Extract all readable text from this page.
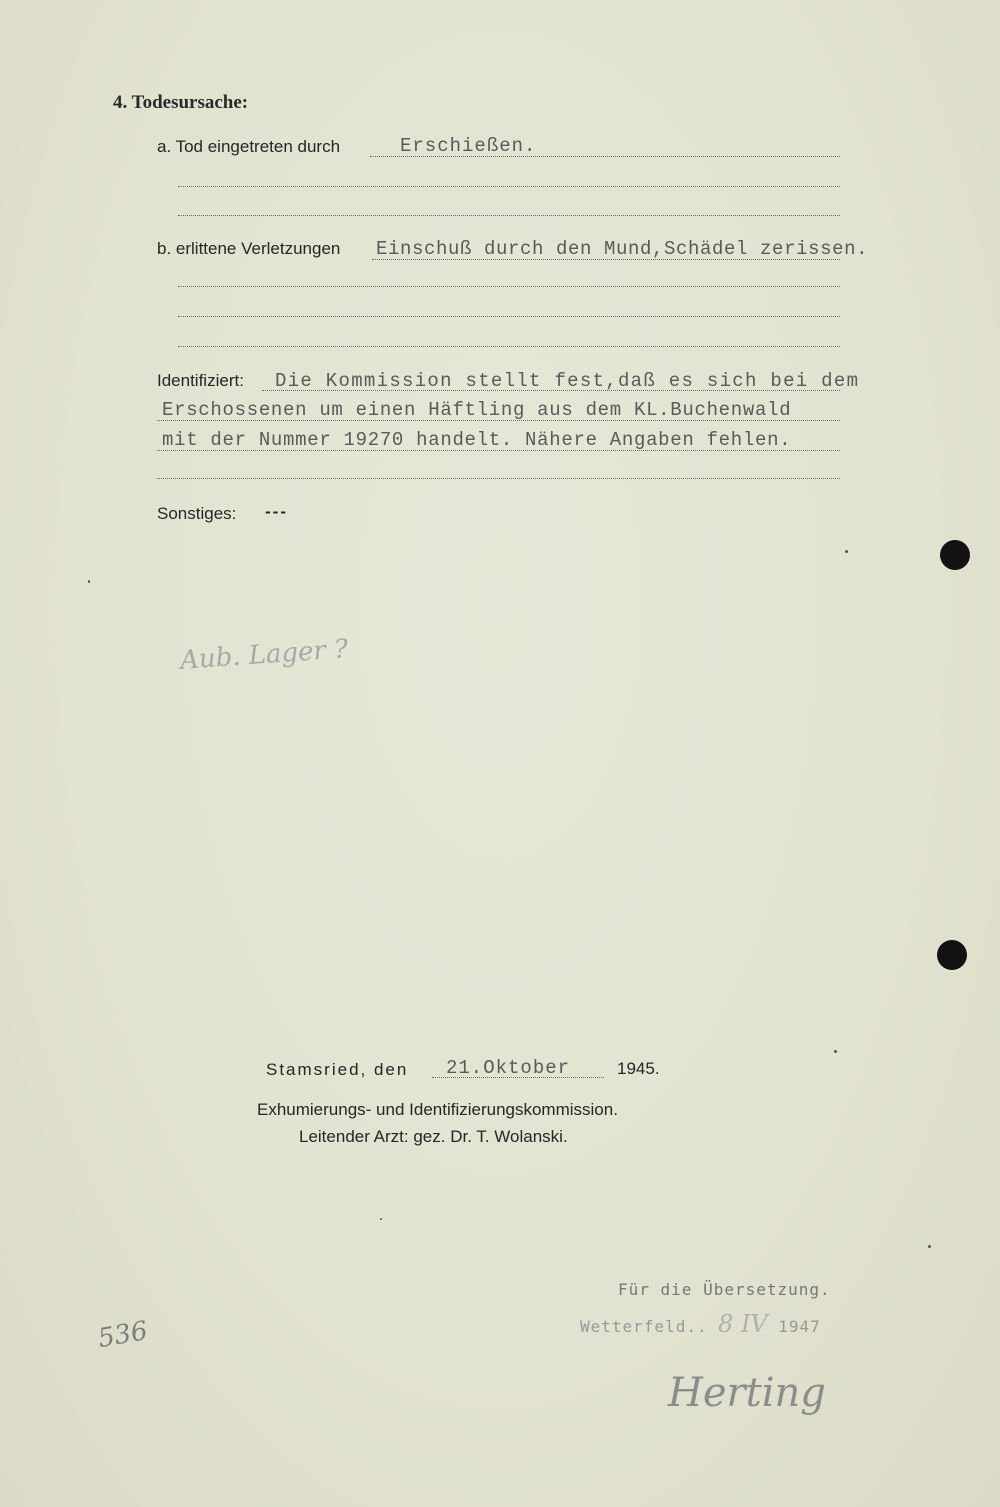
4. Todesursache:
a. Tod eingetreten durch	Erschießen.
b. erlittene Verletzungen Einschuß durch den Mund,Schädel zerissen.
Identifiziert: Die Kommission stellt fest,daß es sich bei dem
Erschossenen um einen Häftling aus dem KL.Buchenwald
mit der Nummer 19270 handelt. Nähere Angaben fehlen.
Sonstiges: ---
Aub. Lager ?
Stamsried, den 21.Oktober	1945.
Exhumierungs- und Identifizierungskommission.
Leitender Arzt: gez. Dr. T. Wolanski.
Für die Übersetzung.
Wetterfeld.. 8 IV 1947
Herting
536
